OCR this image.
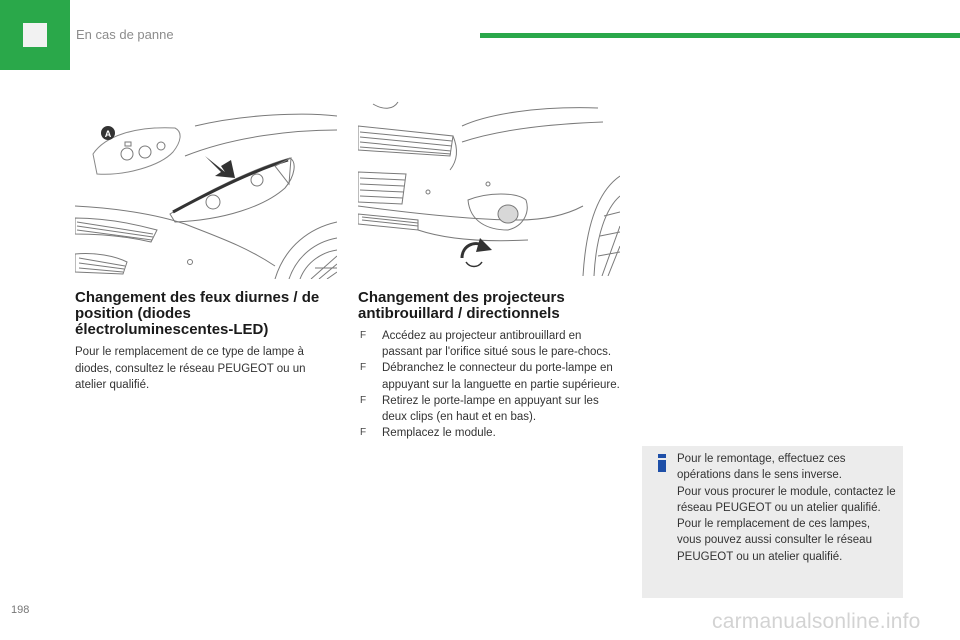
En cas de panne
A
Changement des feux diurnes / de position (diodes électroluminescentes-LED)
Pour le remplacement de ce type de lampe à diodes, consultez le réseau PEUGEOT ou un atelier qualifié.
Changement des projecteurs antibrouillard / directionnels
F Accédez au projecteur antibrouillard en passant par l'orifice situé sous le pare-chocs.
F Débranchez le connecteur du porte-lampe en appuyant sur la languette en partie supérieure.
F Retirez le porte-lampe en appuyant sur les deux clips (en haut et en bas).
F Remplacez le module.

Pour le remontage, effectuez ces opérations dans le sens inverse.

Pour vous procurer le module, contactez le réseau PEUGEOT ou un atelier qualifié.

Pour le remplacement de ces lampes, vous pouvez aussi consulter le réseau PEUGEOT ou un atelier qualifié.

198	carmanualsonline.info
